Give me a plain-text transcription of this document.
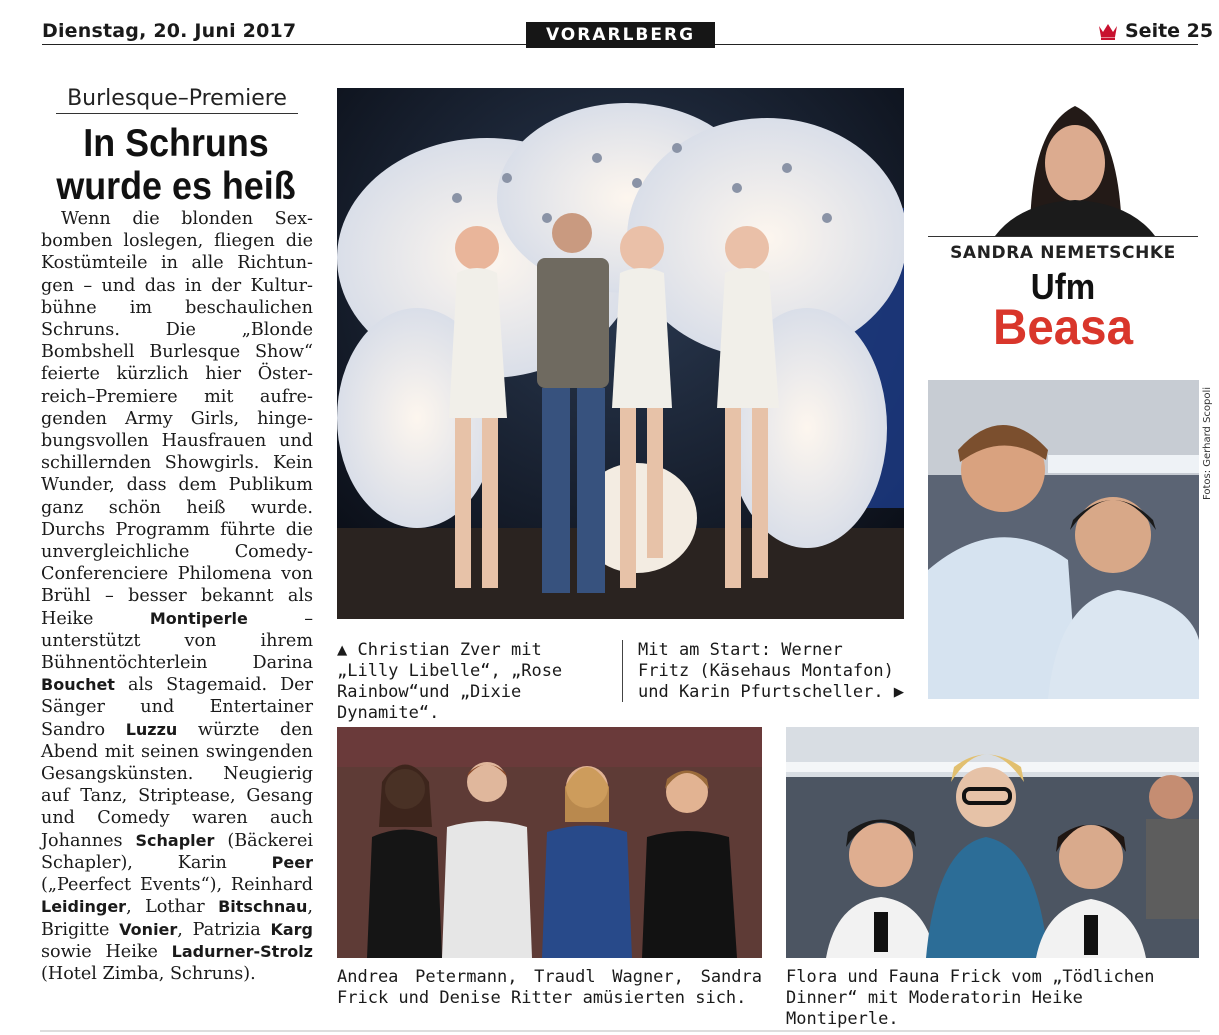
Dienstag, 20. Juni 2017	VORARLBERG	Seite 25
Burlesque–Premiere
In Schruns
wurde es heiß
Wenn die blonden Sexbomben loslegen, fliegen die Kostümteile in alle Richtungen – und das in der Kulturbühne im beschaulichen Schruns. Die „Blonde Bombshell Burlesque Show“ feierte kürzlich hier Österreich–Premiere mit aufregenden Army Girls, hingebungsvollen Hausfrauen und schillernden Showgirls. Kein Wunder, dass dem Publikum ganz schön heiß wurde. Durchs Programm führte die unvergleichliche Comedy- Conferenciere Philomena von Brühl – besser bekannt als Heike Montiperle – unterstützt von ihrem Bühnentöchterlein Darina Bouchet als Stagemaid. Der Sänger und Entertainer Sandro Luzzu würzte den Abend mit seinen swingenden Gesangskünsten. Neugierig auf Tanz, Striptease, Gesang und Comedy waren auch Johannes Schapler (Bäckerei Schapler), Karin Peer („Peerfect Events“), Reinhard Leidinger, Lothar Bitschnau, Brigitte Vonier, Patrizia Karg sowie Heike Ladurner-Strolz (Hotel Zimba, Schruns).
▲ Christian Zver mit „Lilly Libelle“, „Rose Rainbow“und „Dixie Dynamite“.
Mit am Start: Werner Fritz (Käsehaus Montafon) und Karin Pfurtscheller. ▶
SANDRA NEMETSCHKE
Ufm
Beasa
Andrea Petermann, Traudl Wagner, Sandra Frick und Denise Ritter amüsierten sich.
Flora und Fauna Frick vom „Tödlichen Dinner“ mit Moderatorin Heike Montiperle.
Fotos: Gerhard Scopoli
